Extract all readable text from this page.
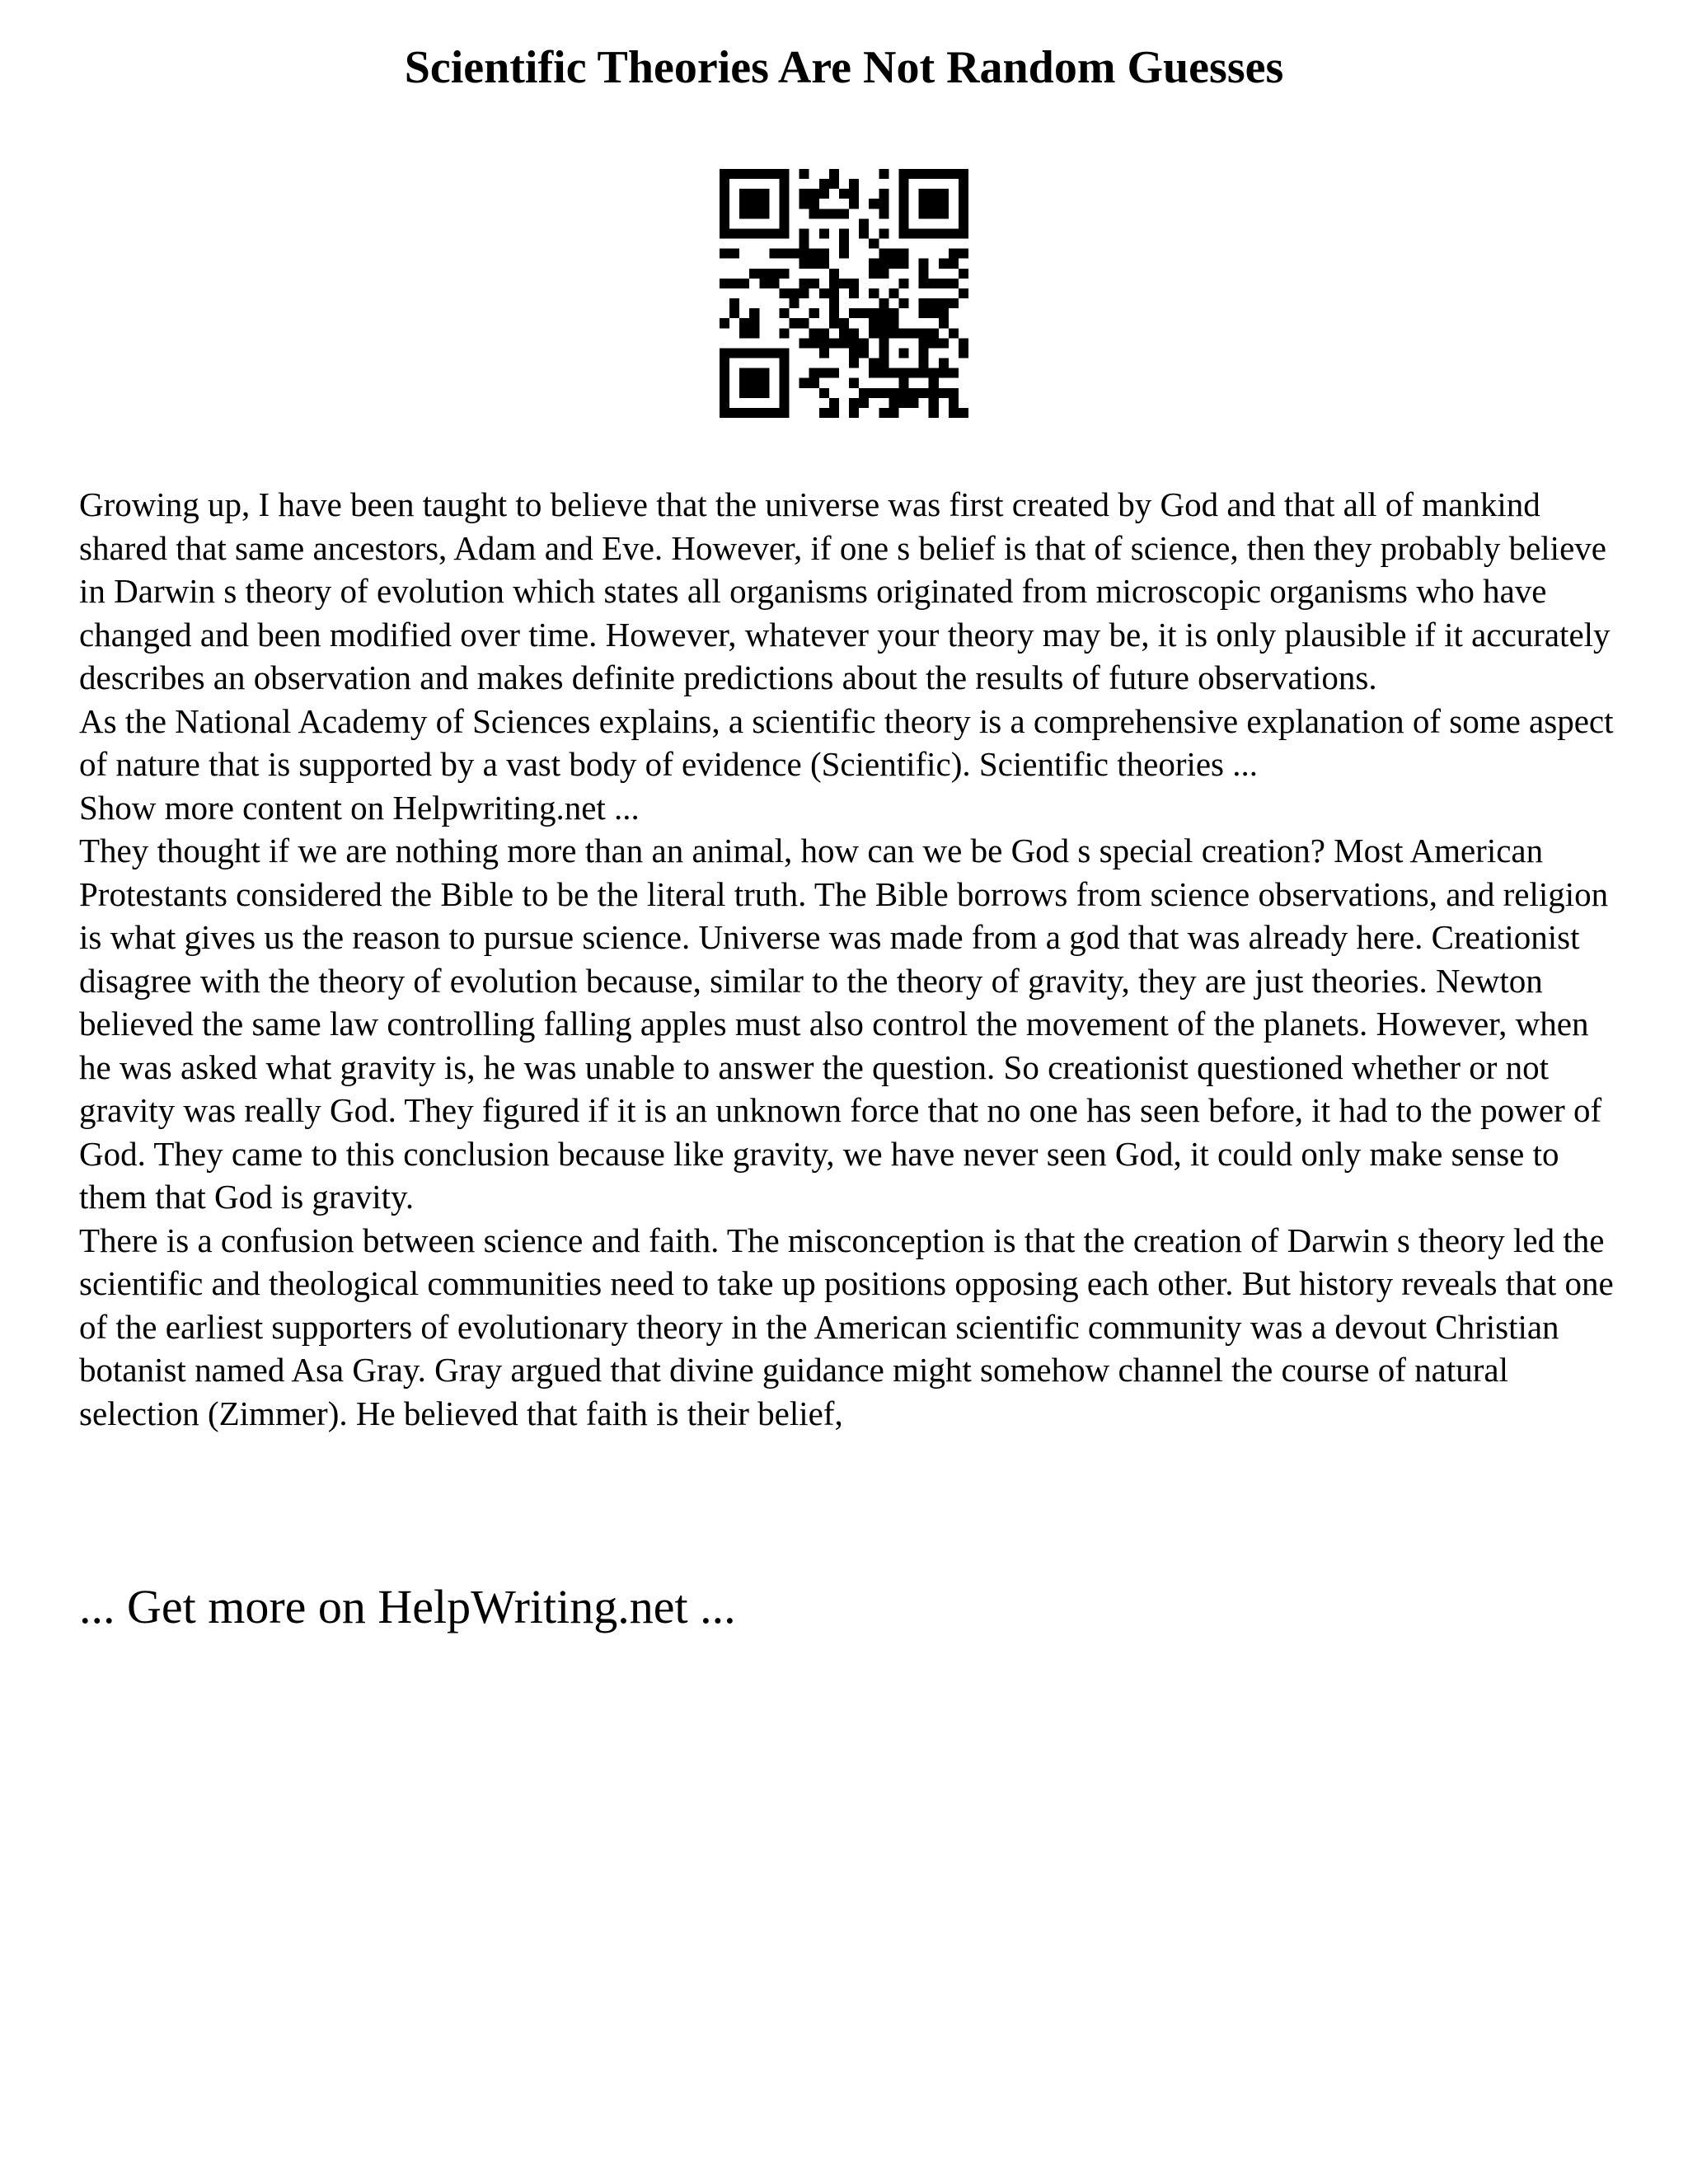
Scientific Theories Are Not Random Guesses

Growing up, I have been taught to believe that the universe was first created by God and that all of mankind shared that same ancestors, Adam and Eve. However, if one s belief is that of science, then they probably believe in Darwin s theory of evolution which states all organisms originated from microscopic organisms who have changed and been modified over time. However, whatever your theory may be, it is only plausible if it accurately describes an observation and makes definite predictions about the results of future observations.

As the National Academy of Sciences explains, a scientific theory is a comprehensive explanation of some aspect of nature that is supported by a vast body of evidence (Scientific). Scientific theories ...

Show more content on Helpwriting.net ...

They thought if we are nothing more than an animal, how can we be God s special creation? Most American Protestants considered the Bible to be the literal truth. The Bible borrows from science observations, and religion is what gives us the reason to pursue science. Universe was made from a god that was already here. Creationist disagree with the theory of evolution because, similar to the theory of gravity, they are just theories. Newton believed the same law controlling falling apples must also control the movement of the planets. However, when he was asked what gravity is, he was unable to answer the question. So creationist questioned whether or not gravity was really God. They figured if it is an unknown force that no one has seen before, it had to the power of God. They came to this conclusion because like gravity, we have never seen God, it could only make sense to them that God is gravity.

There is a confusion between science and faith. The misconception is that the creation of Darwin s theory led the scientific and theological communities need to take up positions opposing each other. But history reveals that one of the earliest supporters of evolutionary theory in the American scientific community was a devout Christian botanist named Asa Gray. Gray argued that divine guidance might somehow channel the course of natural selection (Zimmer). He believed that faith is their belief,

... Get more on HelpWriting.net ...
